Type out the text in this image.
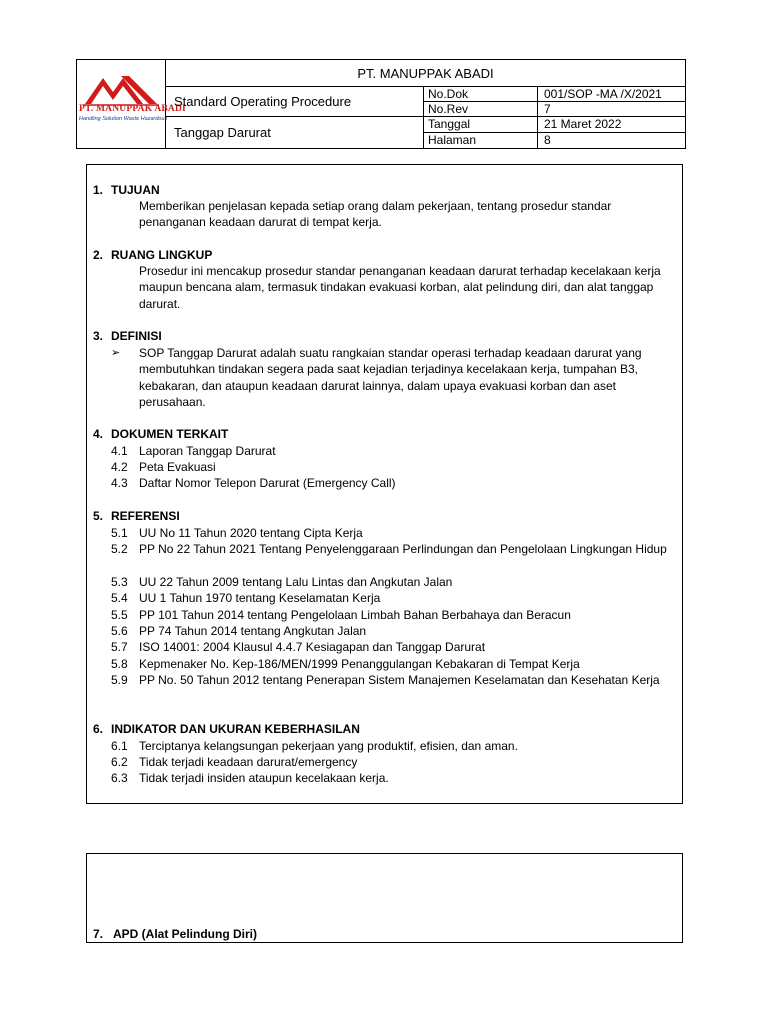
PT. MANUPPAK ABADI
Handling Solution Waste Hazardous
PT. MANUPPAK ABADI
Standard Operating Procedure
Tanggap Darurat
No.Dok	001/SOP -MA /X/2021
No.Rev	7
Tanggal	21 Maret 2022
Halaman	8
1. TUJUAN
Memberikan penjelasan kepada setiap orang dalam pekerjaan, tentang prosedur standar penanganan keadaan darurat di tempat kerja.
2. RUANG LINGKUP
Prosedur ini mencakup prosedur standar penanganan keadaan darurat terhadap kecelakaan kerja maupun bencana alam, termasuk tindakan evakuasi korban, alat pelindung diri, dan alat tanggap darurat.
3. DEFINISI
➢ SOP Tanggap Darurat adalah suatu rangkaian standar operasi terhadap keadaan darurat yang membutuhkan tindakan segera pada saat kejadian terjadinya kecelakaan kerja, tumpahan B3, kebakaran, dan ataupun keadaan darurat lainnya, dalam upaya evakuasi korban dan aset perusahaan.
4. DOKUMEN TERKAIT
4.1 Laporan Tanggap Darurat
4.2 Peta Evakuasi
4.3 Daftar Nomor Telepon Darurat (Emergency Call)
5. REFERENSI
5.1 UU No 11 Tahun 2020 tentang Cipta Kerja
5.2 PP No 22 Tahun 2021 Tentang Penyelenggaraan Perlindungan dan Pengelolaan Lingkungan Hidup
5.3 UU 22 Tahun 2009 tentang Lalu Lintas dan Angkutan Jalan
5.4 UU 1 Tahun 1970 tentang Keselamatan Kerja
5.5 PP 101 Tahun 2014 tentang Pengelolaan Limbah Bahan Berbahaya dan Beracun
5.6 PP 74 Tahun 2014 tentang Angkutan Jalan
5.7 ISO 14001: 2004 Klausul 4.4.7 Kesiagapan dan Tanggap Darurat
5.8 Kepmenaker No. Kep-186/MEN/1999 Penanggulangan Kebakaran di Tempat Kerja
5.9 PP No. 50 Tahun 2012 tentang Penerapan Sistem Manajemen Keselamatan dan Kesehatan Kerja
6. INDIKATOR DAN UKURAN KEBERHASILAN
6.1 Terciptanya kelangsungan pekerjaan yang produktif, efisien, dan aman.
6.2 Tidak terjadi keadaan darurat/emergency
6.3 Tidak terjadi insiden ataupun kecelakaan kerja.
7. APD (Alat Pelindung Diri)
